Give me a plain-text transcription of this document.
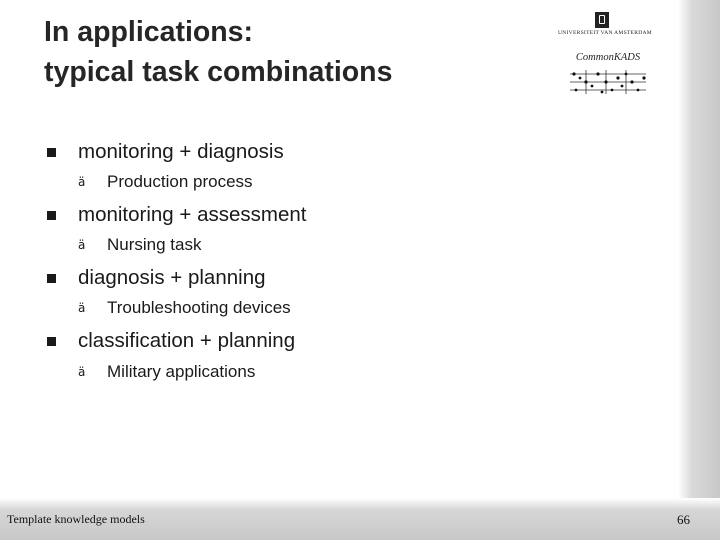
In applications:
typical task combinations
UNIVERSITEIT VAN AMSTERDAM
CommonKADS
monitoring + diagnosis
ä Production process
monitoring + assessment
ä Nursing task
diagnosis + planning
ä Troubleshooting devices
classification + planning
ä Military applications
Template knowledge models	66
